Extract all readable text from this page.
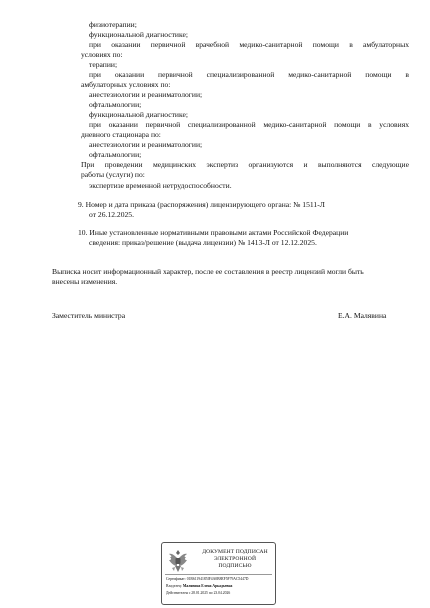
физиотерапии;
функциональной диагностике;
при оказании первичной врачебной медико-санитарной помощи в амбулаторных
условиях по:
терапии;
при оказании первичной специализированной медико-санитарной помощи в
амбулаторных условиях по:
анестезиологии и реаниматологии;
офтальмологии;
функциональной диагностике;
при оказании первичной специализированной медико-санитарной помощи в условиях
дневного стационара по:
анестезиологии и реаниматологии;
офтальмологии;
При проведении медицинских экспертиз организуются и выполняются следующие
работы (услуги) по:
экспертизе временной нетрудоспособности.
9. Номер и дата приказа (распоряжения) лицензирующего органа: № 1511-Л
от 26.12.2025.
10. Иные установленные нормативными правовыми актами Российской Федерации
сведения: приказ/решение (выдача лицензии) № 1413-Л от 12.12.2025.
Выписка носит информационный характер, после ее составления в реестр лицензий могли быть
внесены изменения.
Заместитель министра	Е.А. Малявина
ДОКУМЕНТ ПОДПИСАН
ЭЛЕКТРОННОЙ ПОДПИСЬЮ
Сертификат: 01B61194185IF4A0B8EF5F79AC5447D
Владелец: Малявина Елена Аркадьевна
Действителен с 28.01.2025 по 23.04.2026
